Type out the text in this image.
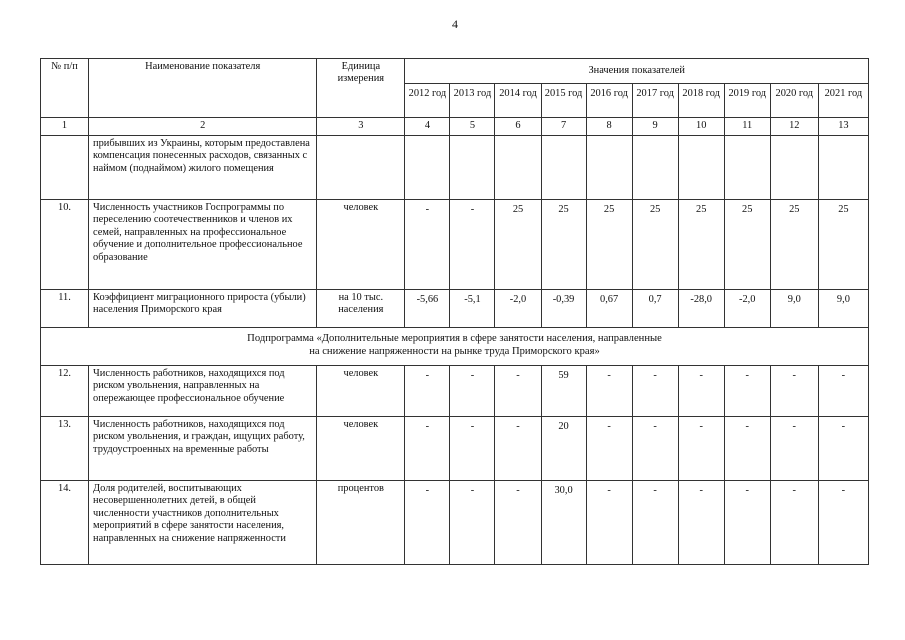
4
№ п/п	Наименование показателя	Единица измерения	Значения показателей									
			2012 год	2013 год	2014 год	2015 год	2016 год	2017 год	2018 год	2019 год	2020 год	2021 год
1	2	3	4	5	6	7	8	9	10	11	12	13
	прибывших из Украины, которым предоставлена компенсация понесенных расходов, связанных с наймом (поднаймом) жилого помещения											
10.	Численность участников Госпрограммы по переселению соотечественников и членов их семей, направленных на профессиональное обучение и дополнительное профессиональное образование	человек	-	-	25	25	25	25	25	25	25	25
11.	Коэффициент миграционного прироста (убыли) населения Приморского края	на 10 тыс. населения	-5,66	-5,1	-2,0	-0,39	0,67	0,7	-28,0	-2,0	9,0	9,0

Подпрограмма «Дополнительные мероприятия в сфере занятости населения, направленные
на снижение напряженности на рынке труда Приморского края»												

12.	Численность работников, находящихся под риском увольнения, направленных на опережающее профессиональное обучение	человек	-	-	-	59	-	-	-	-	-	-
13.	Численность работников, находящихся под риском увольнения, и граждан, ищущих работу, трудоустроенных на временные работы	человек	-	-	-	20	-	-	-	-	-	-
14.	Доля родителей, воспитывающих несовершеннолетних детей, в общей численности участников дополнительных мероприятий в сфере занятости населения, направленных на снижение напряженности	процентов	-	-	-	30,0	-	-	-	-	-	-
